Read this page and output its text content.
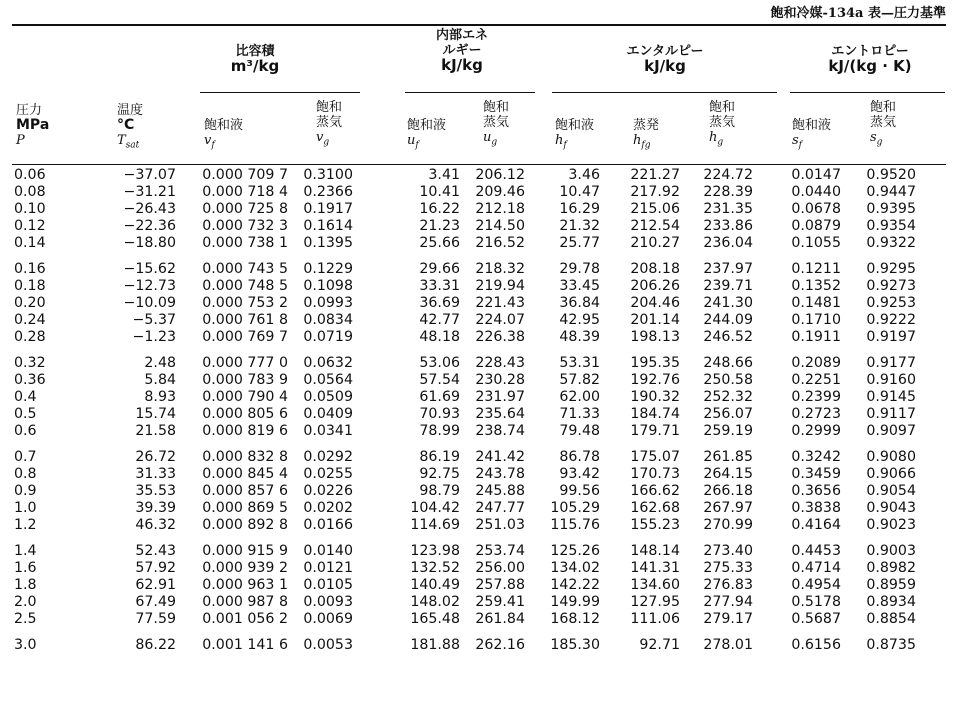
飽和冷媒-134a 表—圧力基準
比容積
m³/kg
内部エネ
ルギー
kJ/kg
エンタルピー
kJ/kg
エントロピー
kJ/(kg · K)
圧力
MPa
P
温度
°C
$T_{sat}$
飽和液
$v_f$
飽和
蒸気
$v_g$
飽和液
$u_f$
飽和
蒸気
$u_g$
飽和液
$h_f$
蒸発
$h_{fg}$
飽和
蒸気
$h_g$
飽和液
$s_f$
飽和
蒸気
$s_g$
0.06	−37.07	0.000 709 7	0.3100	3.41	206.12	3.46	221.27	224.72	0.0147	0.9520
0.08	−31.21	0.000 718 4	0.2366	10.41	209.46	10.47	217.92	228.39	0.0440	0.9447
0.10	−26.43	0.000 725 8	0.1917	16.22	212.18	16.29	215.06	231.35	0.0678	0.9395
0.12	−22.36	0.000 732 3	0.1614	21.23	214.50	21.32	212.54	233.86	0.0879	0.9354
0.14	−18.80	0.000 738 1	0.1395	25.66	216.52	25.77	210.27	236.04	0.1055	0.9322
0.16	−15.62	0.000 743 5	0.1229	29.66	218.32	29.78	208.18	237.97	0.1211	0.9295
0.18	−12.73	0.000 748 5	0.1098	33.31	219.94	33.45	206.26	239.71	0.1352	0.9273
0.20	−10.09	0.000 753 2	0.0993	36.69	221.43	36.84	204.46	241.30	0.1481	0.9253
0.24	−5.37	0.000 761 8	0.0834	42.77	224.07	42.95	201.14	244.09	0.1710	0.9222
0.28	−1.23	0.000 769 7	0.0719	48.18	226.38	48.39	198.13	246.52	0.1911	0.9197
0.32	2.48	0.000 777 0	0.0632	53.06	228.43	53.31	195.35	248.66	0.2089	0.9177
0.36	5.84	0.000 783 9	0.0564	57.54	230.28	57.82	192.76	250.58	0.2251	0.9160
0.4	8.93	0.000 790 4	0.0509	61.69	231.97	62.00	190.32	252.32	0.2399	0.9145
0.5	15.74	0.000 805 6	0.0409	70.93	235.64	71.33	184.74	256.07	0.2723	0.9117
0.6	21.58	0.000 819 6	0.0341	78.99	238.74	79.48	179.71	259.19	0.2999	0.9097
0.7	26.72	0.000 832 8	0.0292	86.19	241.42	86.78	175.07	261.85	0.3242	0.9080
0.8	31.33	0.000 845 4	0.0255	92.75	243.78	93.42	170.73	264.15	0.3459	0.9066
0.9	35.53	0.000 857 6	0.0226	98.79	245.88	99.56	166.62	266.18	0.3656	0.9054
1.0	39.39	0.000 869 5	0.0202	104.42	247.77	105.29	162.68	267.97	0.3838	0.9043
1.2	46.32	0.000 892 8	0.0166	114.69	251.03	115.76	155.23	270.99	0.4164	0.9023
1.4	52.43	0.000 915 9	0.0140	123.98	253.74	125.26	148.14	273.40	0.4453	0.9003
1.6	57.92	0.000 939 2	0.0121	132.52	256.00	134.02	141.31	275.33	0.4714	0.8982
1.8	62.91	0.000 963 1	0.0105	140.49	257.88	142.22	134.60	276.83	0.4954	0.8959
2.0	67.49	0.000 987 8	0.0093	148.02	259.41	149.99	127.95	277.94	0.5178	0.8934
2.5	77.59	0.001 056 2	0.0069	165.48	261.84	168.12	111.06	279.17	0.5687	0.8854
3.0	86.22	0.001 141 6	0.0053	181.88	262.16	185.30	92.71	278.01	0.6156	0.8735
